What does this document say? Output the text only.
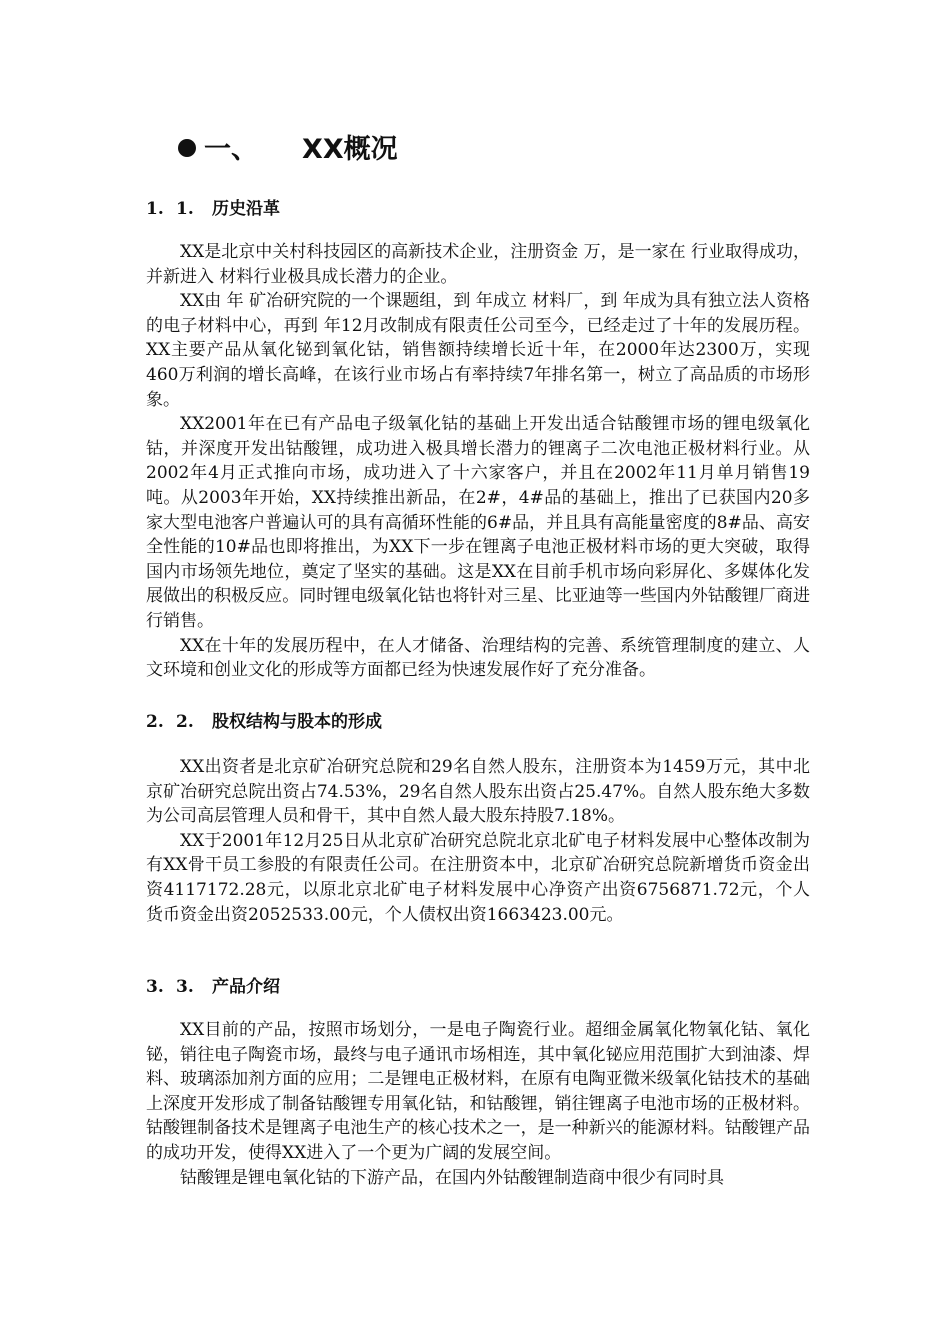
一、 XX概况
1. 1. 历史沿革

XX是北京中关村科技园区的高新技术企业，注册资金 万，是一家在 行业取得成功，并新进入 材料行业极具成长潜力的企业。

XX由 年 矿冶研究院的一个课题组，到 年成立 材料厂，到 年成为具有独立法人资格的电子材料中心，再到 年12月改制成有限责任公司至今，已经走过了十年的发展历程。XX主要产品从氧化铋到氧化钴，销售额持续增长近十年，在2000年达2300万，实现460万利润的增长高峰，在该行业市场占有率持续7年排名第一，树立了高品质的市场形象。

XX2001年在已有产品电子级氧化钴的基础上开发出适合钴酸锂市场的锂电级氧化钴，并深度开发出钴酸锂，成功进入极具增长潜力的锂离子二次电池正极材料行业。从2002年4月正式推向市场，成功进入了十六家客户，并且在2002年11月单月销售19吨。从2003年开始，XX持续推出新品，在2#，4#品的基础上，推出了已获国内20多家大型电池客户普遍认可的具有高循环性能的6#品，并且具有高能量密度的8#品、高安全性能的10#品也即将推出，为XX下一步在锂离子电池正极材料市场的更大突破，取得国内市场领先地位，奠定了坚实的基础。这是XX在目前手机市场向彩屏化、多媒体化发展做出的积极反应。同时锂电级氧化钴也将针对三星、比亚迪等一些国内外钴酸锂厂商进行销售。

XX在十年的发展历程中，在人才储备、治理结构的完善、系统管理制度的建立、人文环境和创业文化的形成等方面都已经为快速发展作好了充分准备。

2. 2. 股权结构与股本的形成

XX出资者是北京矿冶研究总院和29名自然人股东，注册资本为1459万元，其中北京矿冶研究总院出资占74.53%，29名自然人股东出资占25.47%。自然人股东绝大多数为公司高层管理人员和骨干，其中自然人最大股东持股7.18%。

XX于2001年12月25日从北京矿冶研究总院北京北矿电子材料发展中心整体改制为有XX骨干员工参股的有限责任公司。在注册资本中，北京矿冶研究总院新增货币资金出资4117172.28元，以原北京北矿电子材料发展中心净资产出资6756871.72元，个人货币资金出资2052533.00元，个人债权出资1663423.00元。

3. 3. 产品介绍

XX目前的产品，按照市场划分，一是电子陶瓷行业。超细金属氧化物氧化钴、氧化铋，销往电子陶瓷市场，最终与电子通讯市场相连，其中氧化铋应用范围扩大到油漆、焊料、玻璃添加剂方面的应用；二是锂电正极材料，在原有电陶亚微米级氧化钴技术的基础上深度开发形成了制备钴酸锂专用氧化钴，和钴酸锂，销往锂离子电池市场的正极材料。钴酸锂制备技术是锂离子电池生产的核心技术之一，是一种新兴的能源材料。钴酸锂产品的成功开发，使得XX进入了一个更为广阔的发展空间。

钴酸锂是锂电氧化钴的下游产品，在国内外钴酸锂制造商中很少有同时具
